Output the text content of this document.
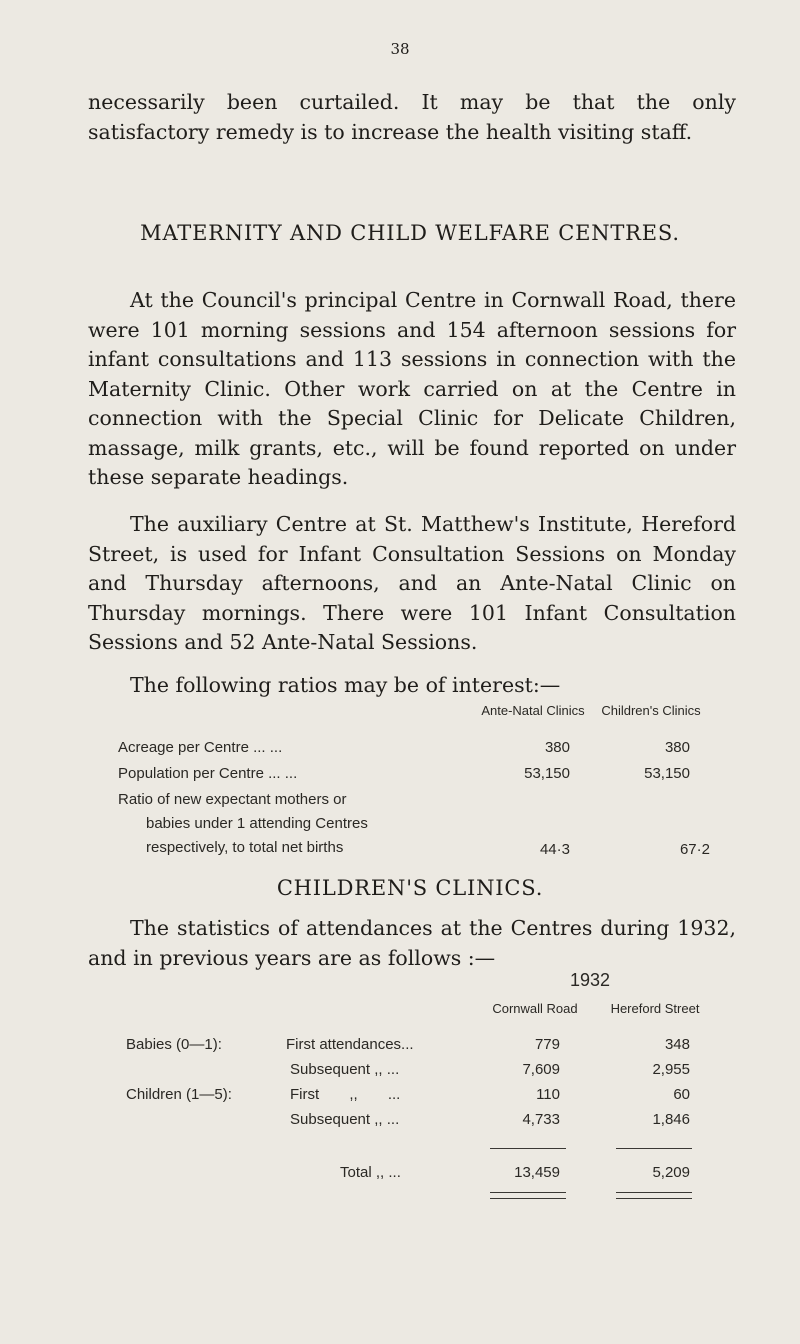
38

necessarily been curtailed. It may be that the only satisfactory remedy is to increase the health visiting staff.

MATERNITY AND CHILD WELFARE CENTRES.

At the Council's principal Centre in Cornwall Road, there were 101 morning sessions and 154 afternoon sessions for infant consultations and 113 sessions in connection with the Maternity Clinic. Other work carried on at the Centre in connection with the Special Clinic for Delicate Children, massage, milk grants, etc., will be found reported on under these separate headings.

The auxiliary Centre at St. Matthew's Institute, Hereford Street, is used for Infant Consultation Sessions on Monday and Thursday afternoons, and an Ante-Natal Clinic on Thursday mornings. There were 101 Infant Consultation Sessions and 52 Ante-Natal Sessions.

The following ratios may be of interest:—

Ante-Natal Clinics	Children's Clinics
Acreage per Centre ... ...	380	380
Population per Centre ... ...	53,150	53,150
Ratio of new expectant mothers or
babies under 1 attending Centres
respectively, to total net births	44·3	67·2

CHILDREN'S CLINICS.

The statistics of attendances at the Centres during 1932, and in previous years are as follows :—

1932
Cornwall Road	Hereford Street
Babies (0—1):	First attendances...	779	348
Subsequent ,, ...	7,609	2,955
Children (1—5):	First ,, ...	110	60
Subsequent ,, ...	4,733	1,846
Total ,, ...	13,459	5,209
